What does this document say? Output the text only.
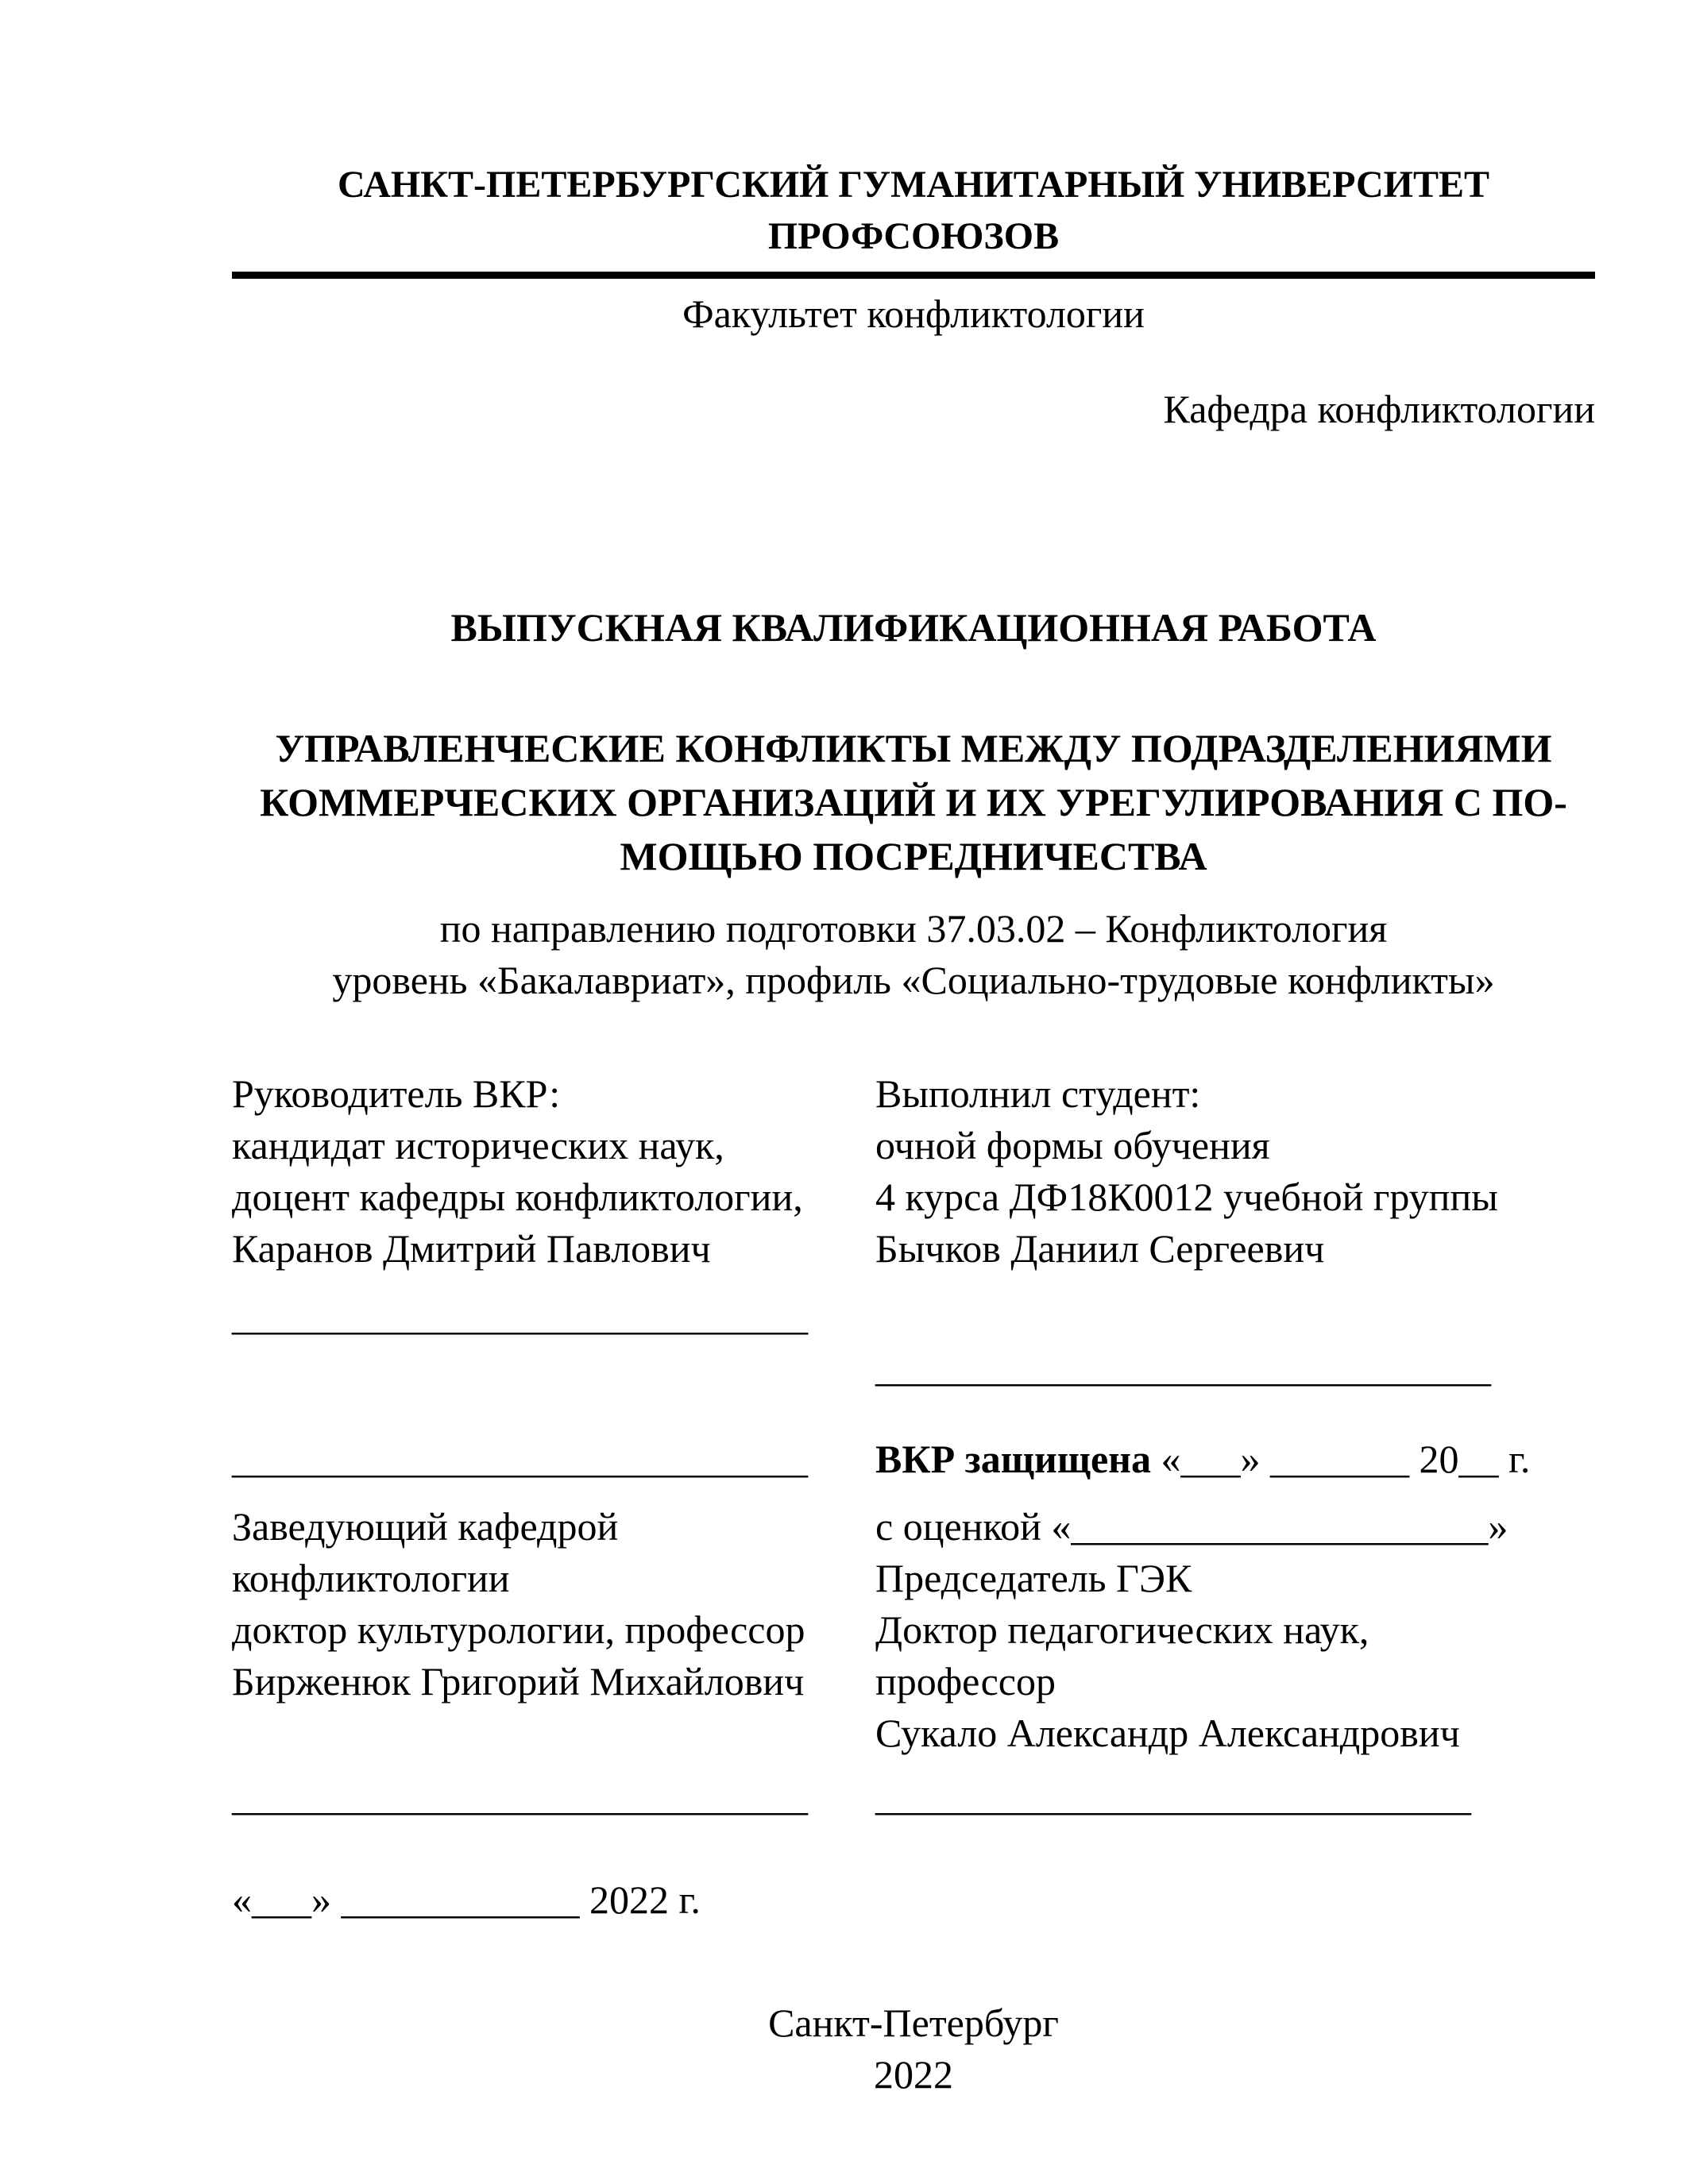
САНКТ-ПЕТЕРБУРГСКИЙ ГУМАНИТАРНЫЙ УНИВЕРСИТЕТ ПРОФСОЮЗОВ
Факультет конфликтологии
Кафедра конфликтологии
ВЫПУСКНАЯ КВАЛИФИКАЦИОННАЯ РАБОТА
УПРАВЛЕНЧЕСКИЕ КОНФЛИКТЫ МЕЖДУ ПОДРАЗДЕЛЕНИЯМИ
КОММЕРЧЕСКИХ ОРГАНИЗАЦИЙ И ИХ УРЕГУЛИРОВАНИЯ С ПО-
МОЩЬЮ ПОСРЕДНИЧЕСТВА
по направлению подготовки 37.03.02 – Конфликтология
уровень «Бакалавриат», профиль «Социально-трудовые конфликты»
Руководитель ВКР:
кандидат исторических наук,
доцент кафедры конфликтологии,
Каранов Дмитрий Павлович
_____________________________
_____________________________
Заведующий кафедрой
конфликтологии
доктор культурологии, профессор
Бирженюк Григорий Михайлович
_____________________________
«___» ____________ 2022 г.
Выполнил студент:
очной формы обучения
4 курса ДФ18К0012 учебной группы
Бычков Даниил Сергеевич
_______________________________
ВКР защищена «___» _______ 20__ г.
с оценкой «_____________________»
Председатель ГЭК
Доктор педагогических наук,
профессор
Сукало Александр Александрович
______________________________
Санкт-Петербург
2022
